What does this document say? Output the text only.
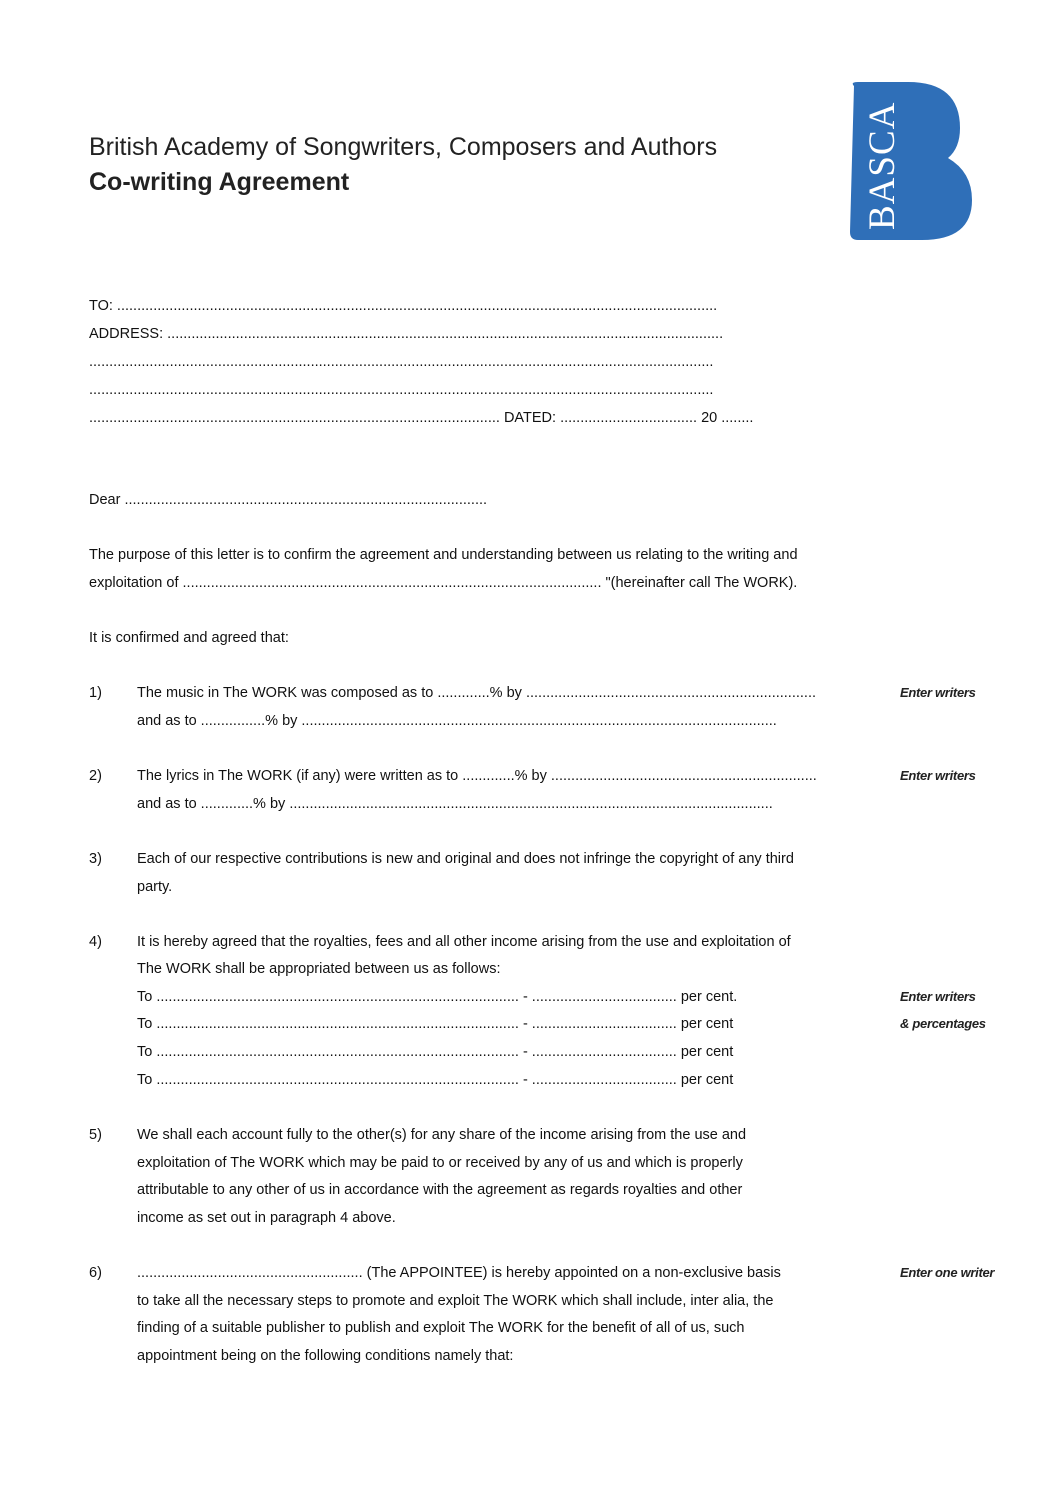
British Academy of Songwriters, Composers and Authors
Co-writing Agreement	BASCA
TO: .....................................................................................................................................................
ADDRESS: ..........................................................................................................................................
...........................................................................................................................................................
...........................................................................................................................................................
...................................................................................................... DATED: .................................. 20 ........
Dear ..........................................................................................
The purpose of this letter is to confirm the agreement and understanding between us relating to the writing and
exploitation of ........................................................................................................ "(hereinafter call The WORK).
It is confirmed and agreed that:
1) The music in The WORK was composed as to .............% by ........................................................................
and as to ................% by ......................................................................................................................
Enter writers
2) The lyrics in The WORK (if any) were written as to .............% by ..................................................................
and as to .............% by ........................................................................................................................
Enter writers
3) Each of our respective contributions is new and original and does not infringe the copyright of any third
party.
4) It is hereby agreed that the royalties, fees and all other income arising from the use and exploitation of
The WORK shall be appropriated between us as follows:
To .......................................................................................... - .................................... per cent.
To .......................................................................................... - .................................... per cent
To .......................................................................................... - .................................... per cent
To .......................................................................................... - .................................... per cent
Enter writers
& percentages
5) We shall each account fully to the other(s) for any share of the income arising from the use and
exploitation of The WORK which may be paid to or received by any of us and which is properly
attributable to any other of us in accordance with the agreement as regards royalties and other
income as set out in paragraph 4 above.
6) ........................................................ (The APPOINTEE) is hereby appointed on a non-exclusive basis
to take all the necessary steps to promote and exploit The WORK which shall include, inter alia, the
finding of a suitable publisher to publish and exploit The WORK for the benefit of all of us, such
appointment being on the following conditions namely that:
Enter one writer
